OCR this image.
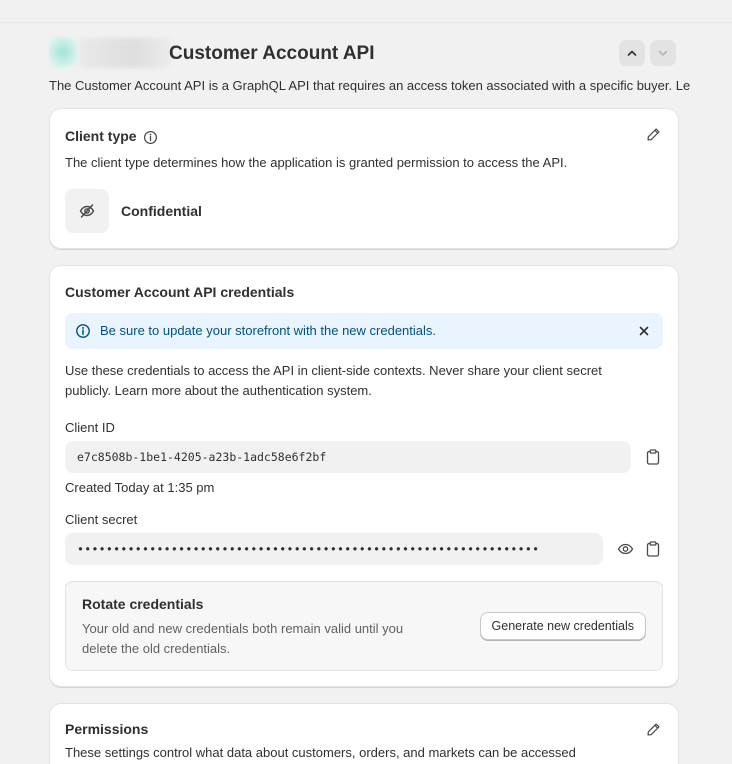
Customer Account API
The Customer Account API is a GraphQL API that requires an access token associated with a specific buyer. Le
Client type
The client type determines how the application is granted permission to access the API.
Confidential
Customer Account API credentials
Be sure to update your storefront with the new credentials.
Use these credentials to access the API in client-side contexts. Never share your client secret
publicly. Learn more about the authentication system.
Client ID
e7c8508b-1be1-4205-a23b-1adc58e6f2bf
Created Today at 1:35 pm
Client secret
••••••••••••••••••••••••••••••••••••••••••••••••••••••••••••••••
Rotate credentials
Your old and new credentials both remain valid until you
delete the old credentials.
Generate new credentials
Permissions
These settings control what data about customers, orders, and markets can be accessed
